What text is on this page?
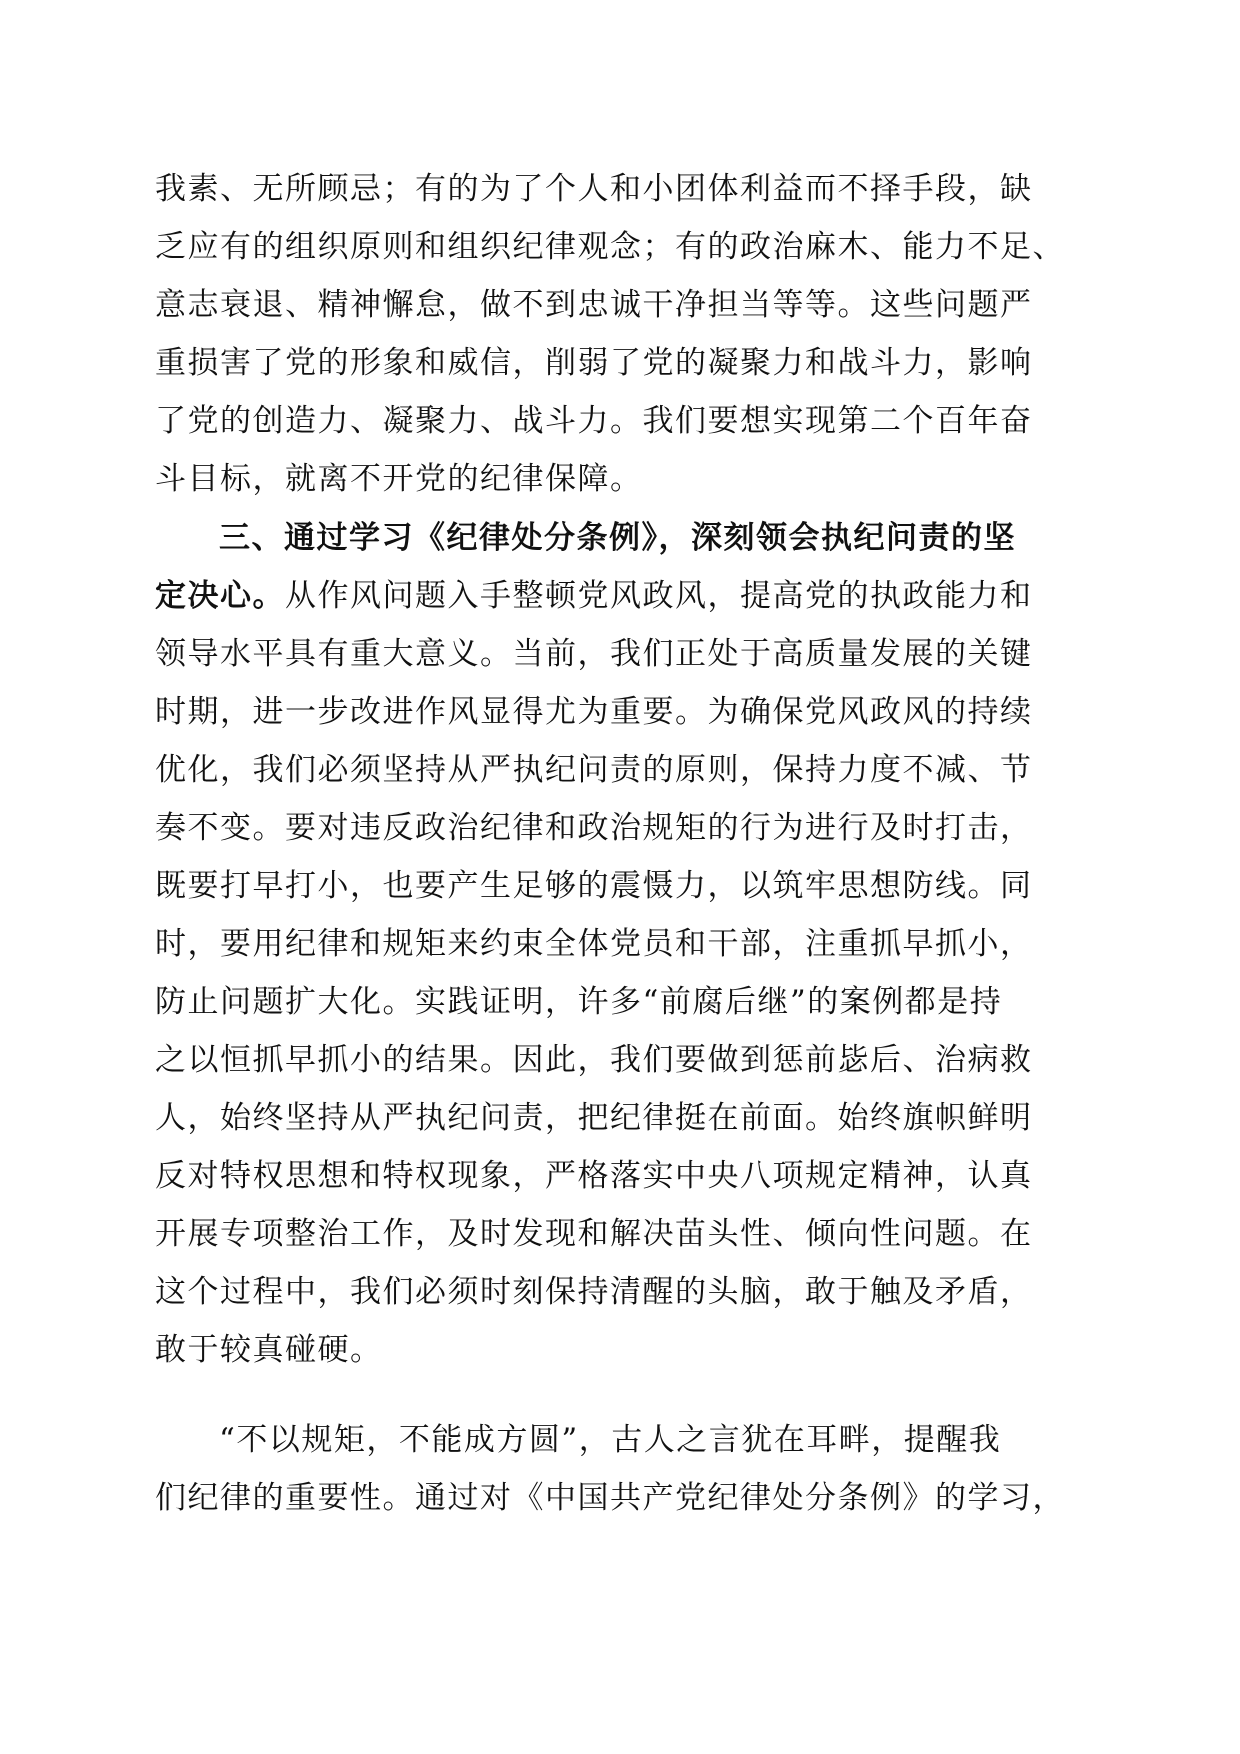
我素、无所顾忌；有的为了个人和小团体利益而不择手段，缺
乏应有的组织原则和组织纪律观念；有的政治麻木、能力不足、
意志衰退、精神懈怠，做不到忠诚干净担当等等。这些问题严
重损害了党的形象和威信，削弱了党的凝聚力和战斗力，影响
了党的创造力、凝聚力、战斗力。我们要想实现第二个百年奋
斗目标，就离不开党的纪律保障。
三、通过学习《纪律处分条例》，深刻领会执纪问责的坚
定决心。从作风问题入手整顿党风政风，提高党的执政能力和
领导水平具有重大意义。当前，我们正处于高质量发展的关键
时期，进一步改进作风显得尤为重要。为确保党风政风的持续
优化，我们必须坚持从严执纪问责的原则，保持力度不减、节
奏不变。要对违反政治纪律和政治规矩的行为进行及时打击，
既要打早打小，也要产生足够的震慑力，以筑牢思想防线。同
时，要用纪律和规矩来约束全体党员和干部，注重抓早抓小，
防止问题扩大化。实践证明，许多“前腐后继”的案例都是持
之以恒抓早抓小的结果。因此，我们要做到惩前毖后、治病救
人，始终坚持从严执纪问责，把纪律挺在前面。始终旗帜鲜明
反对特权思想和特权现象，严格落实中央八项规定精神，认真
开展专项整治工作，及时发现和解决苗头性、倾向性问题。在
这个过程中，我们必须时刻保持清醒的头脑，敢于触及矛盾，
敢于较真碰硬。
“不以规矩，不能成方圆”，古人之言犹在耳畔，提醒我
们纪律的重要性。通过对《中国共产党纪律处分条例》的学习，
